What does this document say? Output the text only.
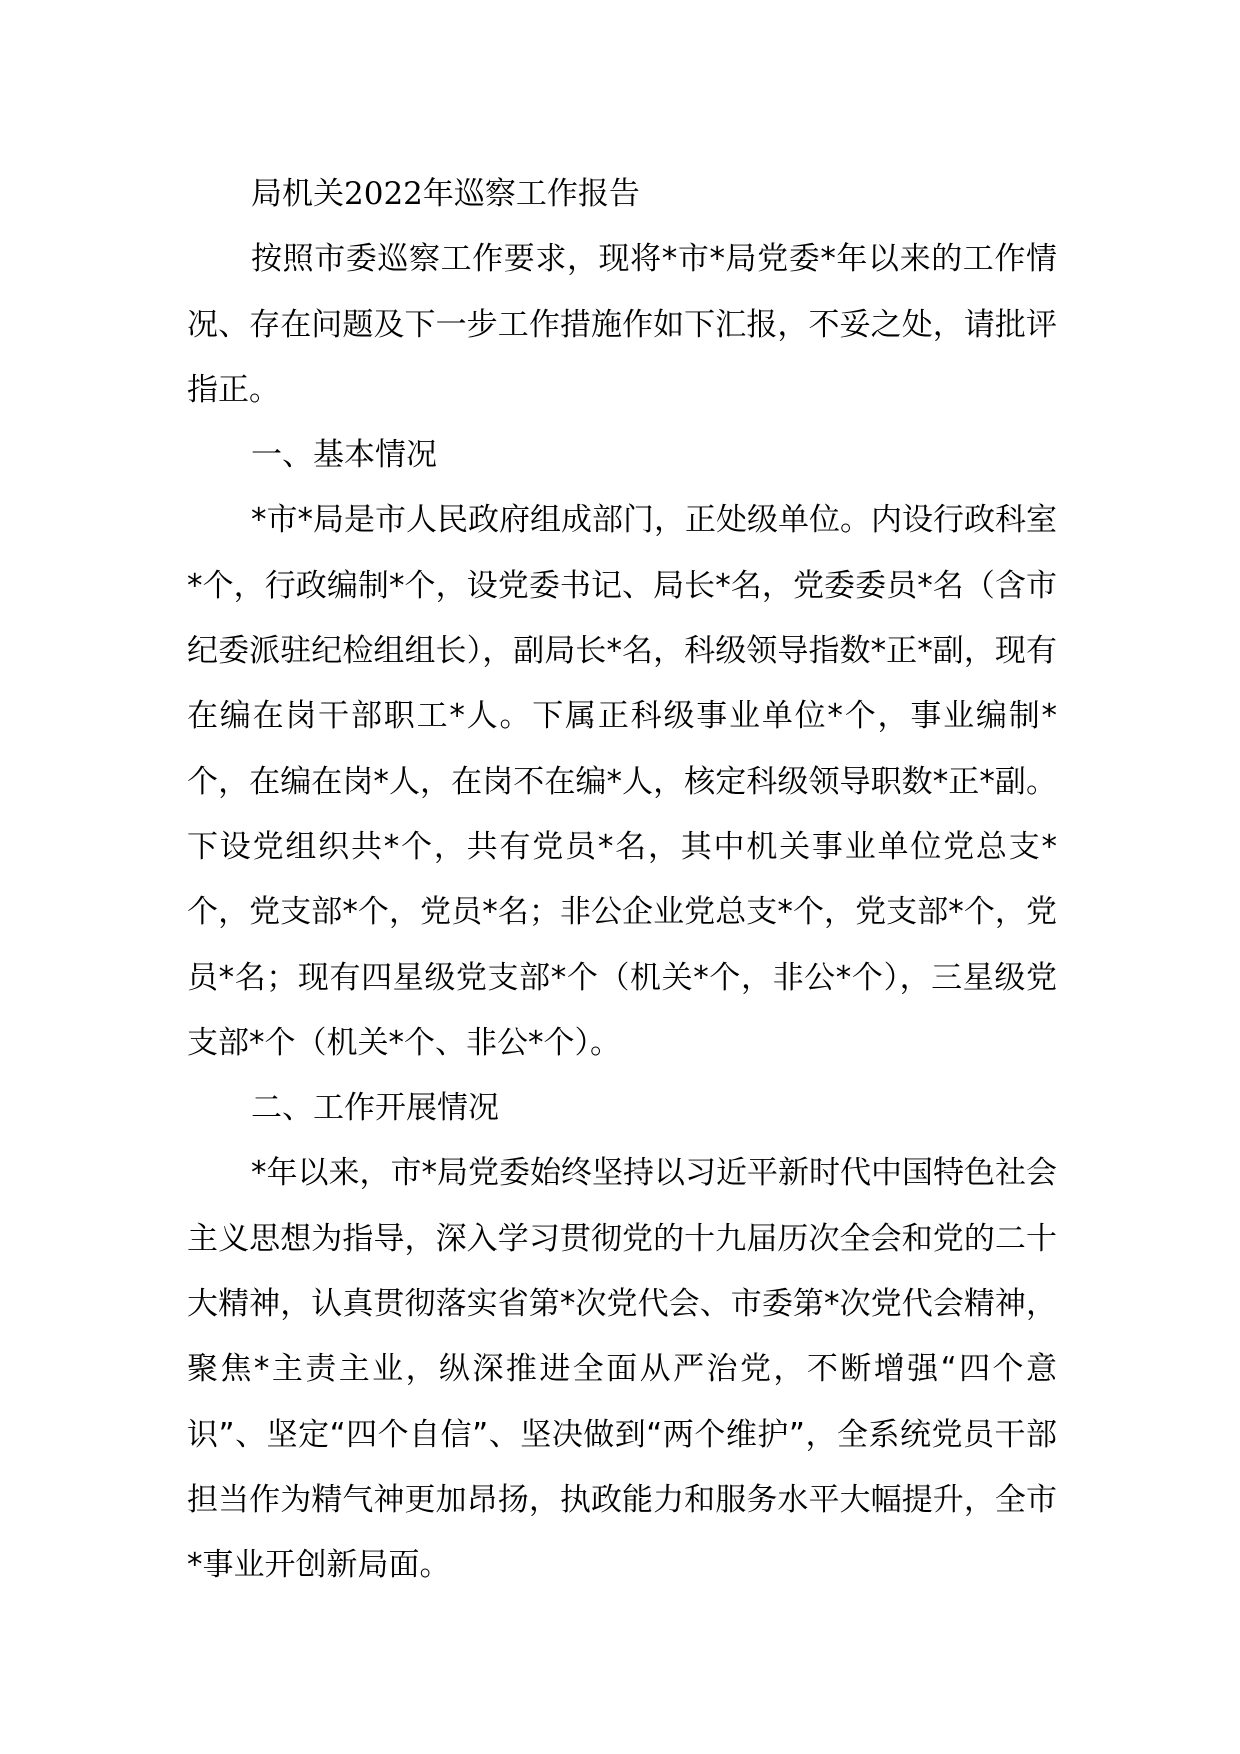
局机关2022年巡察工作报告

按照市委巡察工作要求，现将*市*局党委*年以来的工作情况、存在问题及下一步工作措施作如下汇报，不妥之处，请批评指正。

一、基本情况

*市*局是市人民政府组成部门，正处级单位。内设行政科室*个，行政编制*个，设党委书记、局长*名，党委委员*名（含市纪委派驻纪检组组长），副局长*名，科级领导指数*正*副，现有在编在岗干部职工*人。下属正科级事业单位*个，事业编制*个，在编在岗*人，在岗不在编*人，核定科级领导职数*正*副。下设党组织共*个，共有党员*名，其中机关事业单位党总支*个，党支部*个，党员*名；非公企业党总支*个，党支部*个，党员*名；现有四星级党支部*个（机关*个，非公*个），三星级党支部*个（机关*个、非公*个）。

二、工作开展情况

*年以来，市*局党委始终坚持以习近平新时代中国特色社会主义思想为指导，深入学习贯彻党的十九届历次全会和党的二十大精神，认真贯彻落实省第*次党代会、市委第*次党代会精神，聚焦*主责主业，纵深推进全面从严治党，不断增强“四个意识”、坚定“四个自信”、坚决做到“两个维护”，全系统党员干部担当作为精气神更加昂扬，执政能力和服务水平大幅提升，全市*事业开创新局面。
